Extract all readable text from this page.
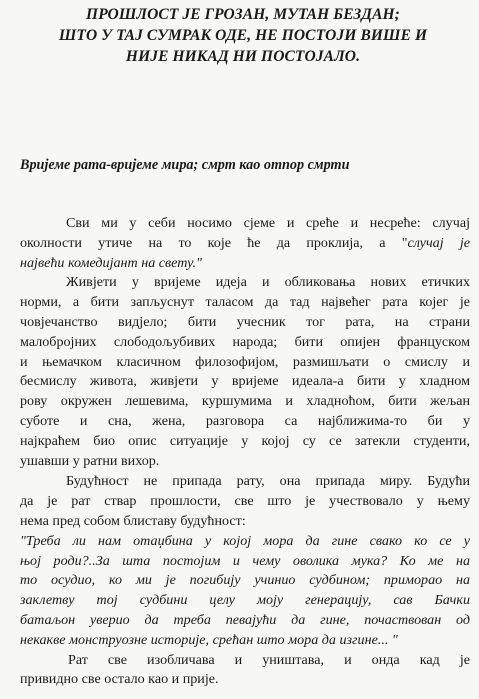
ПРОШЛОСТ ЈЕ ГРОЗАН, МУТАН БЕЗДАН;
ШТО У ТАЈ СУМРАК ОДЕ, НЕ ПОСТОЈИ ВИШЕ И
НИЈЕ НИКАД НИ ПОСТОЈАЛО.
Вријеме рата-вријеме мира; смрт као отпор смрти
Сви ми у себи носимо сјеме и среће и несреће: случај
околности утиче на то које ће да проклија, а "случај је
највећи комедијант на свету."
Живјети у вријеме идеја и обликовања нових етичких
норми, а бити запљуснут таласом да тад највећег рата којег је
човјечанство видјело; бити учесник тог рата, на страни
малобројних слободољубивих народа; бити опијен француском
и њемачком класичном филозофијом, размишљати о смислу и
бесмислу живота, живјети у вријеме идеала-а бити у хладном
рову окружен лешевима, куршумима и хладноћом, бити жељан
суботе и сна, жена, разговора са најближима-то би у
најкраћем био опис ситуације у којој су се затекли студенти,
ушавши у ратни вихор.
Будућност не припада рату, она припада миру. Будући
да је рат ствар прошлости, све што је учествовало у њему
нема пред собом блиставу будућност:
"Треба ли нам отаџбина у којој мора да гине свако ко се у
њој роди?..За шта постојим и чему оволика мука? Ко ме на
то осудио, ко ми је погибију учинио судбином; приморао на
заклетву тој судбини целу моју генерацију, сав Бачки
батаљон уверио да треба певајући да гине, почаствован од
некакве монструозне историје, срећан што мора да изгине... "
Рат све изобличава и уништава, и онда кад је
привидно све остало као и прије.
